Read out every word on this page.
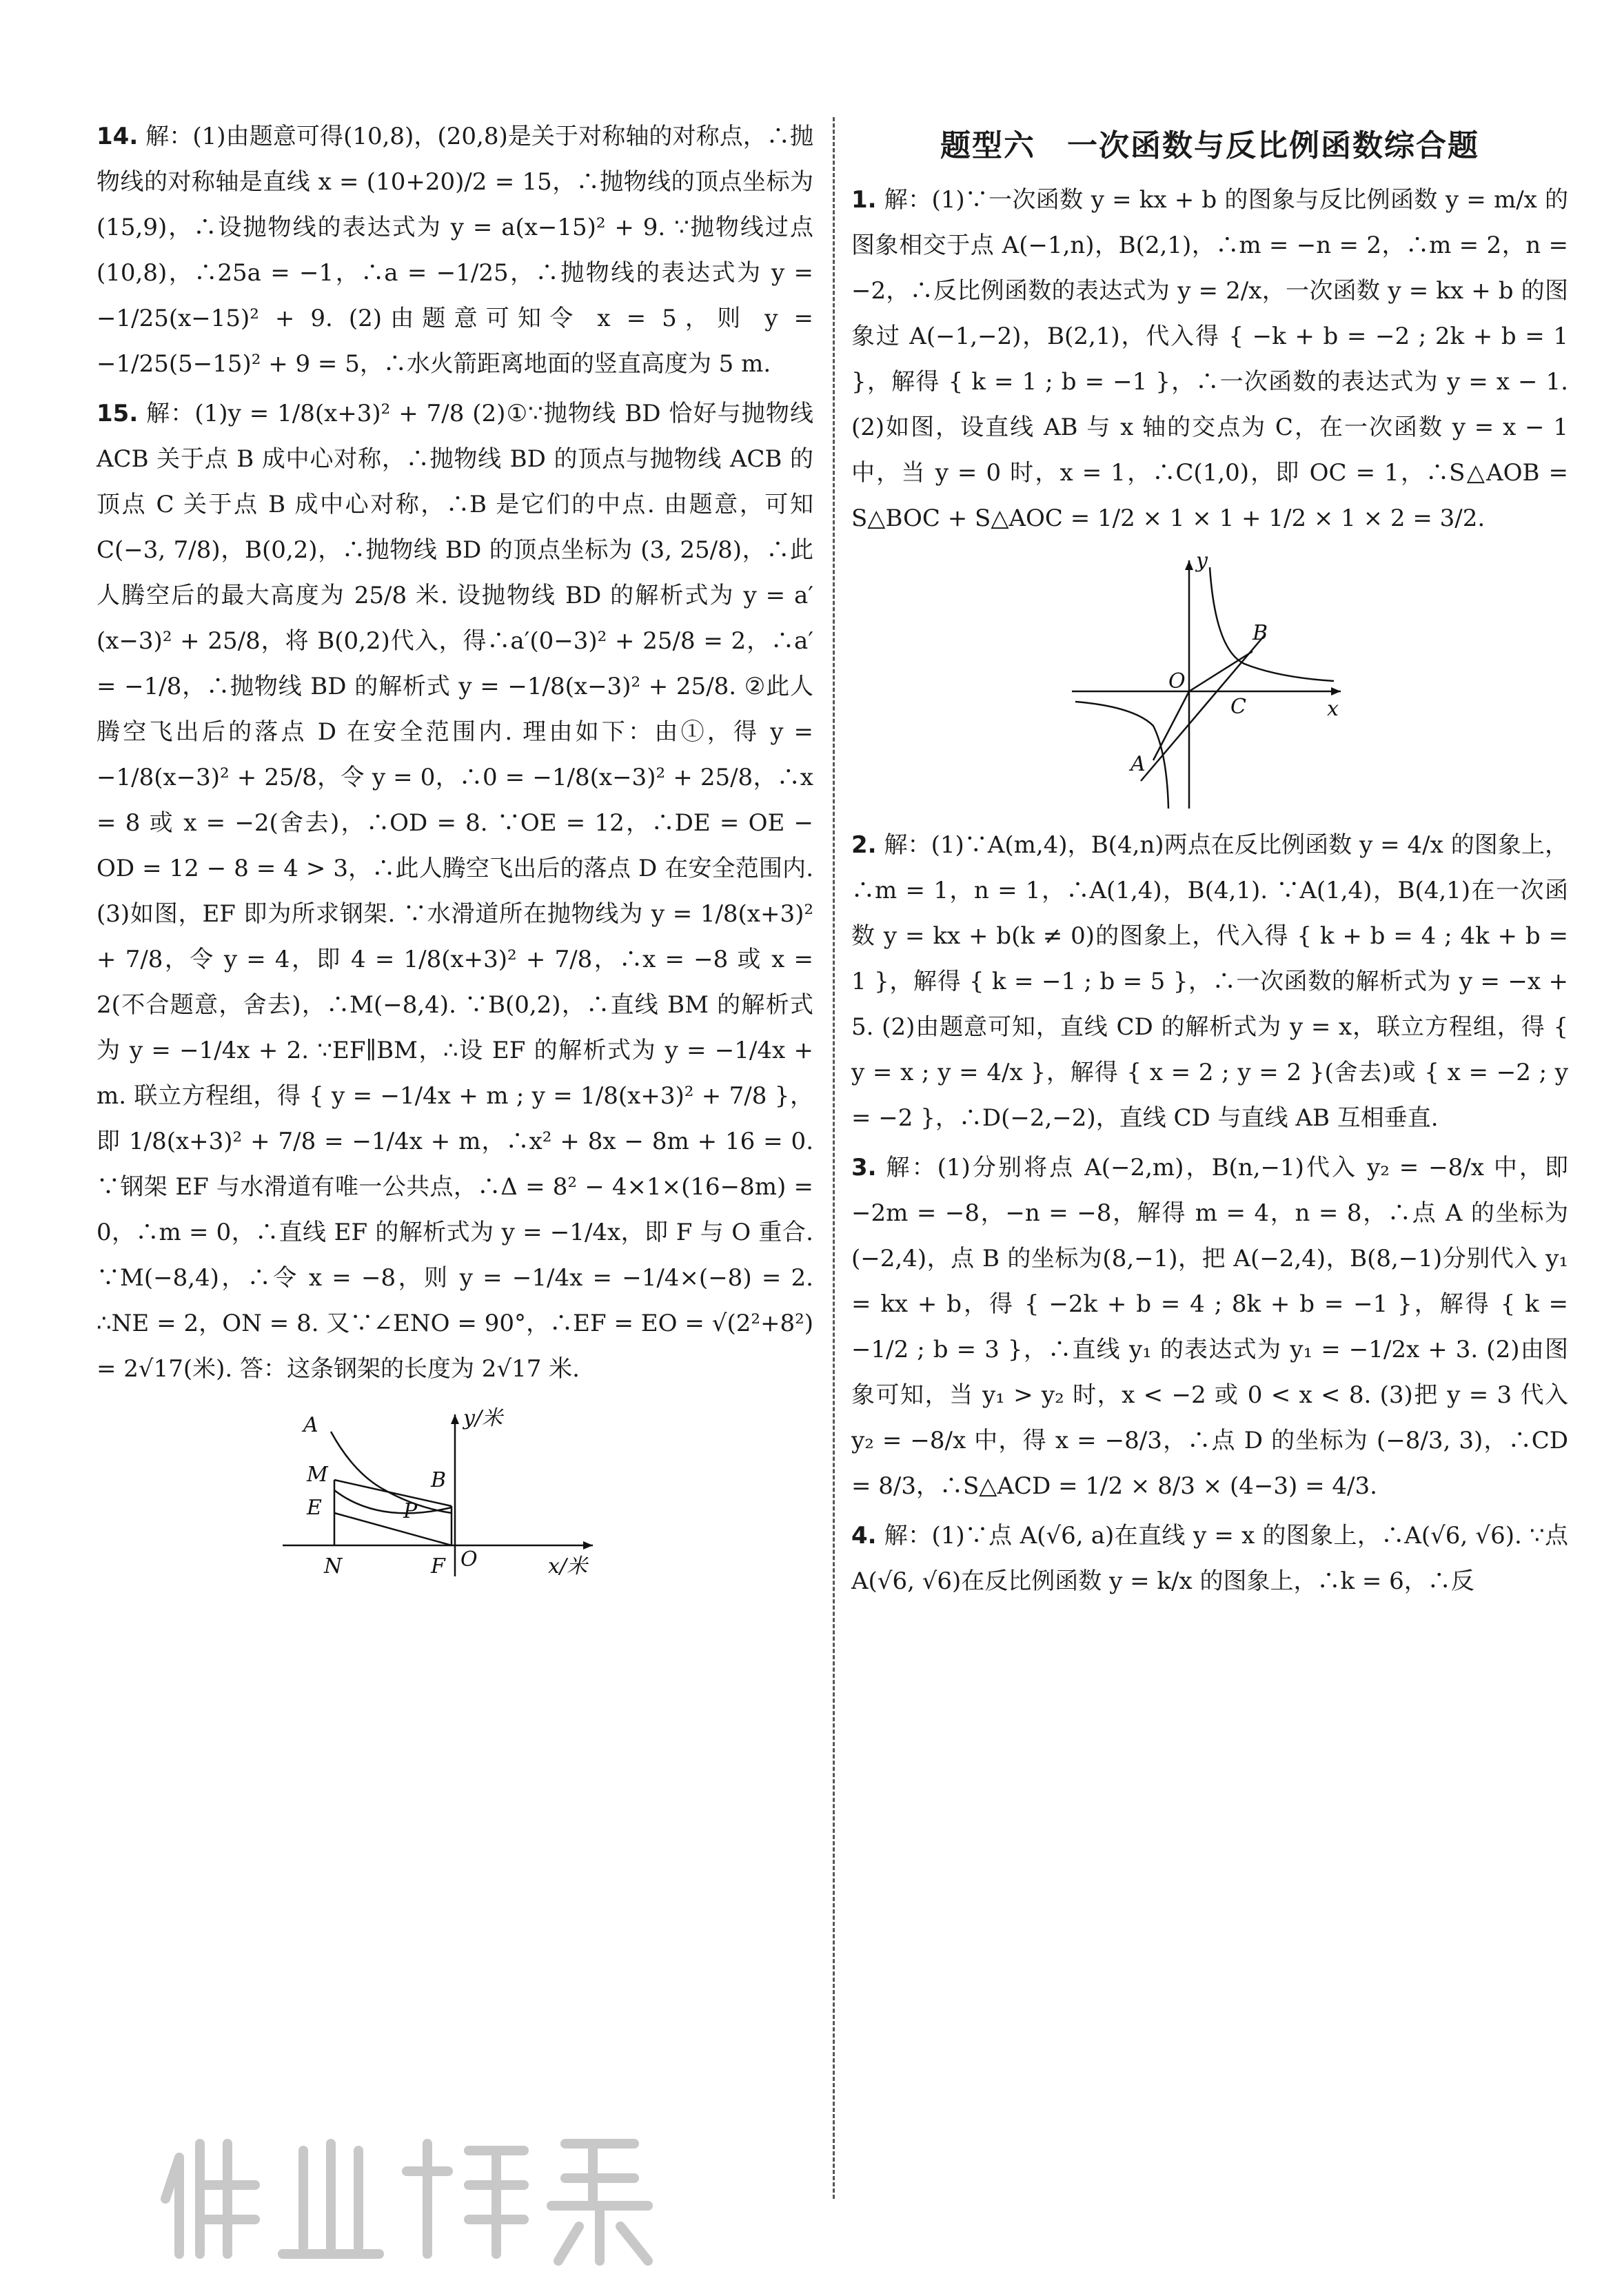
14. 解：(1)由题意可得(10,8)，(20,8)是关于对称轴的对称点，∴抛物线的对称轴是直线 x = (10+20)/2 = 15，∴抛物线的顶点坐标为(15,9)，∴设抛物线的表达式为 y = a(x−15)² + 9. ∵抛物线过点(10,8)，∴25a = −1，∴a = −1/25，∴抛物线的表达式为 y = −1/25(x−15)² + 9. (2)由题意可知令 x = 5，则 y = −1/25(5−15)² + 9 = 5，∴水火箭距离地面的竖直高度为 5 m.
15. 解：(1)y = 1/8(x+3)² + 7/8 (2)①∵抛物线 BD 恰好与抛物线 ACB 关于点 B 成中心对称，∴抛物线 BD 的顶点与抛物线 ACB 的顶点 C 关于点 B 成中心对称，∴B 是它们的中点. 由题意，可知 C(−3, 7/8)，B(0,2)，∴抛物线 BD 的顶点坐标为 (3, 25/8)，∴此人腾空后的最大高度为 25/8 米. 设抛物线 BD 的解析式为 y = a′(x−3)² + 25/8，将 B(0,2)代入，得∴a′(0−3)² + 25/8 = 2，∴a′ = −1/8，∴抛物线 BD 的解析式 y = −1/8(x−3)² + 25/8. ②此人腾空飞出后的落点 D 在安全范围内. 理由如下：由①，得 y = −1/8(x−3)² + 25/8，令 y = 0，∴0 = −1/8(x−3)² + 25/8，∴x = 8 或 x = −2(舍去)，∴OD = 8. ∵OE = 12，∴DE = OE − OD = 12 − 8 = 4 > 3，∴此人腾空飞出后的落点 D 在安全范围内. (3)如图，EF 即为所求钢架. ∵水滑道所在抛物线为 y = 1/8(x+3)² + 7/8，令 y = 4，即 4 = 1/8(x+3)² + 7/8，∴x = −8 或 x = 2(不合题意，舍去)，∴M(−8,4). ∵B(0,2)，∴直线 BM 的解析式为 y = −1/4x + 2. ∵EF∥BM，∴设 EF 的解析式为 y = −1/4x + m. 联立方程组，得 { y = −1/4x + m ; y = 1/8(x+3)² + 7/8 }，即 1/8(x+3)² + 7/8 = −1/4x + m，∴x² + 8x − 8m + 16 = 0. ∵钢架 EF 与水滑道有唯一公共点，∴Δ = 8² − 4×1×(16−8m) = 0，∴m = 0，∴直线 EF 的解析式为 y = −1/4x，即 F 与 O 重合. ∵M(−8,4)，∴令 x = −8，则 y = −1/4x = −1/4×(−8) = 2. ∴NE = 2，ON = 8. 又∵∠ENO = 90°，∴EF = EO = √(2²+8²) = 2√17(米). 答：这条钢架的长度为 2√17 米.
A
M
E
N
B
P
F O
y/米
x/米
题型六　一次函数与反比例函数综合题
1. 解：(1)∵一次函数 y = kx + b 的图象与反比例函数 y = m/x 的图象相交于点 A(−1,n)，B(2,1)，∴m = −n = 2，∴m = 2，n = −2，∴反比例函数的表达式为 y = 2/x，一次函数 y = kx + b 的图象过 A(−1,−2)，B(2,1)，代入得 { −k + b = −2 ; 2k + b = 1 }，解得 { k = 1 ; b = −1 }，∴一次函数的表达式为 y = x − 1. (2)如图，设直线 AB 与 x 轴的交点为 C，在一次函数 y = x − 1 中，当 y = 0 时，x = 1，∴C(1,0)，即 OC = 1，∴S△AOB = S△BOC + S△AOC = 1/2 × 1 × 1 + 1/2 × 1 × 2 = 3/2.
y
x
O
A
B
C
2. 解：(1)∵A(m,4)，B(4,n)两点在反比例函数 y = 4/x 的图象上，∴m = 1，n = 1，∴A(1,4)，B(4,1). ∵A(1,4)，B(4,1)在一次函数 y = kx + b(k ≠ 0)的图象上，代入得 { k + b = 4 ; 4k + b = 1 }，解得 { k = −1 ; b = 5 }，∴一次函数的解析式为 y = −x + 5. (2)由题意可知，直线 CD 的解析式为 y = x，联立方程组，得 { y = x ; y = 4/x }，解得 { x = 2 ; y = 2 }(舍去)或 { x = −2 ; y = −2 }，∴D(−2,−2)，直线 CD 与直线 AB 互相垂直.
3. 解：(1)分别将点 A(−2,m)，B(n,−1)代入 y₂ = −8/x 中，即 −2m = −8，−n = −8，解得 m = 4，n = 8，∴点 A 的坐标为(−2,4)，点 B 的坐标为(8,−1)，把 A(−2,4)，B(8,−1)分别代入 y₁ = kx + b，得 { −2k + b = 4 ; 8k + b = −1 }，解得 { k = −1/2 ; b = 3 }，∴直线 y₁ 的表达式为 y₁ = −1/2x + 3. (2)由图象可知，当 y₁ > y₂ 时，x < −2 或 0 < x < 8. (3)把 y = 3 代入 y₂ = −8/x 中，得 x = −8/3，∴点 D 的坐标为 (−8/3, 3)，∴CD = 8/3，∴S△ACD = 1/2 × 8/3 × (4−3) = 4/3.
4. 解：(1)∵点 A(√6, a)在直线 y = x 的图象上，∴A(√6, √6). ∵点 A(√6, √6)在反比例函数 y = k/x 的图象上，∴k = 6，∴反
